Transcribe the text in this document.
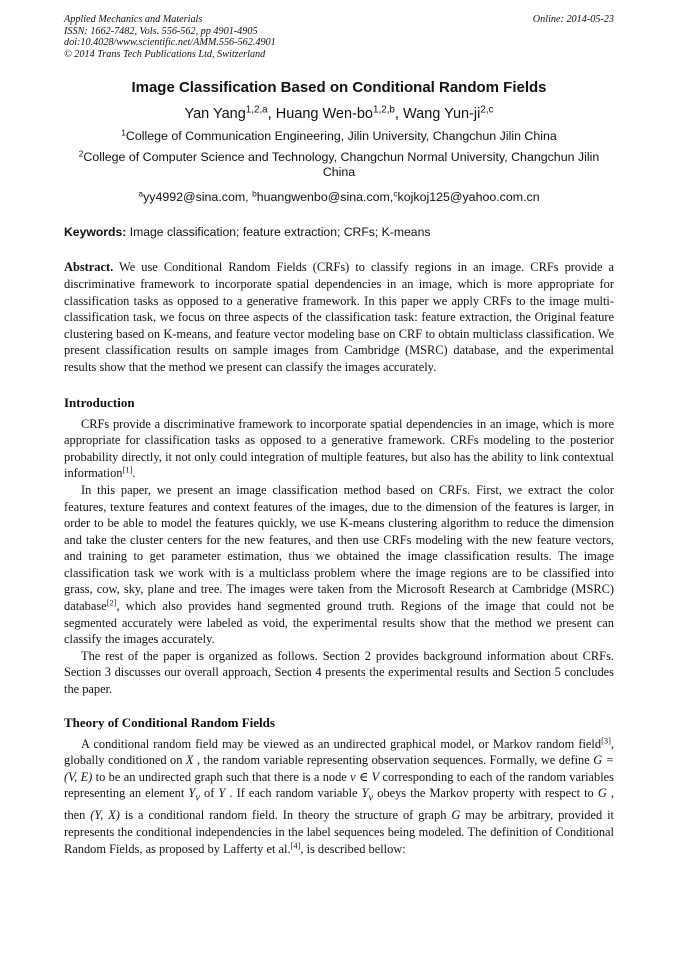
Applied Mechanics and Materials
ISSN: 1662-7482, Vols. 556-562, pp 4901-4905
doi:10.4028/www.scientific.net/AMM.556-562.4901
© 2014 Trans Tech Publications Ltd, Switzerland
Online: 2014-05-23
Image Classification Based on Conditional Random Fields
Yan Yang$^{1,2,a}$, Huang Wen-bo$^{1,2,b}$, Wang Yun-ji$^{2,c}$
$^1$College of Communication Engineering, Jilin University, Changchun Jilin China
$^2$College of Computer Science and Technology, Changchun Normal University, Changchun Jilin China
$^a$yy4992@sina.com, $^b$huangwenbo@sina.com,$^c$kojkoj125@yahoo.com.cn
Keywords: Image classification; feature extraction; CRFs; K-means

Abstract. We use Conditional Random Fields (CRFs) to classify regions in an image. CRFs provide a discriminative framework to incorporate spatial dependencies in an image, which is more appropriate for classification tasks as opposed to a generative framework. In this paper we apply CRFs to the image multi-classification task, we focus on three aspects of the classification task: feature extraction, the Original feature clustering based on K-means, and feature vector modeling base on CRF to obtain multiclass classification. We present classification results on sample images from Cambridge (MSRC) database, and the experimental results show that the method we present can classify the images accurately.

Introduction

CRFs provide a discriminative framework to incorporate spatial dependencies in an image, which is more appropriate for classification tasks as opposed to a generative framework. CRFs modeling to the posterior probability directly, it not only could integration of multiple features, but also has the ability to link contextual information[1].

In this paper, we present an image classification method based on CRFs. First, we extract the color features, texture features and context features of the images, due to the dimension of the features is larger, in order to be able to model the features quickly, we use K-means clustering algorithm to reduce the dimension and take the cluster centers for the new features, and then use CRFs modeling with the new feature vectors, and training to get parameter estimation, thus we obtained the image classification results. The image classification task we work with is a multiclass problem where the image regions are to be classified into grass, cow, sky, plane and tree. The images were taken from the Microsoft Research at Cambridge (MSRC) database[2], which also provides hand segmented ground truth. Regions of the image that could not be segmented accurately were labeled as void, the experimental results show that the method we present can classify the images accurately.

The rest of the paper is organized as follows. Section 2 provides background information about CRFs. Section 3 discusses our overall approach, Section 4 presents the experimental results and Section 5 concludes the paper.

Theory of Conditional Random Fields

A conditional random field may be viewed as an undirected graphical model, or Markov random field[3], globally conditioned on X , the random variable representing observation sequences. Formally, we define G = (V, E) to be an undirected graph such that there is a node v ∈ V corresponding to each of the random variables representing an element $Y_v$ of Y . If each random variable $Y_v$ obeys the Markov property with respect to G , then (Y, X) is a conditional random field. In theory the structure of graph G may be arbitrary, provided it represents the conditional independencies in the label sequences being modeled. The definition of Conditional Random Fields, as proposed by Lafferty et al.[4], is described bellow:
